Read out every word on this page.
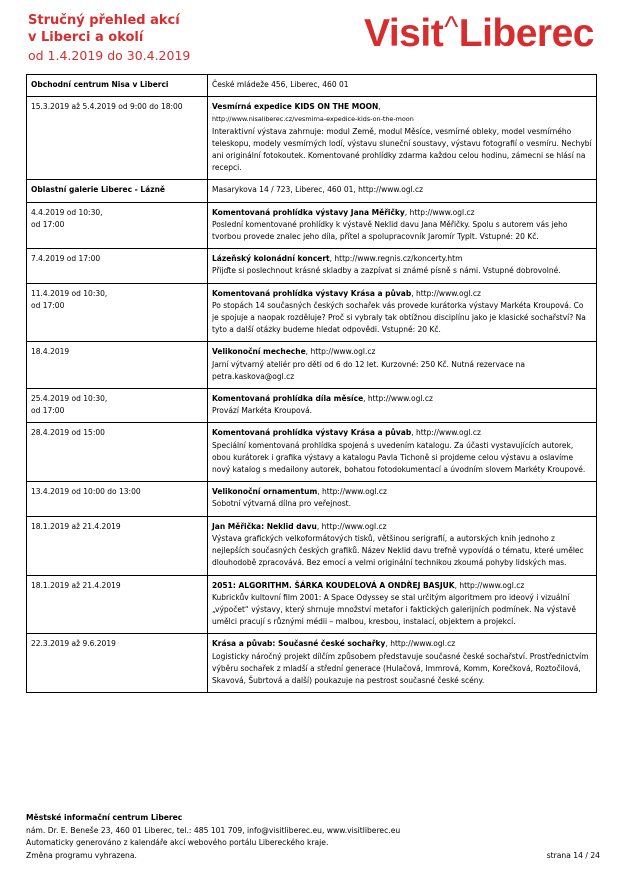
Stručný přehled akcí
v Liberci a okolí
od 1.4.2019 do 30.4.2019
Visit^Liberec
Obchodní centrum Nisa v Liberci	České mládeže 456, Liberec, 460 01
15.3.2019 až 5.4.2019 od 9:00 do 18:00	Vesmírná expedice KIDS ON THE MOON,
http://www.nisaliberec.cz/vesmirna-expedice-kids-on-the-moon
Interaktivní výstava zahrnuje: modul Země, modul Měsíce, vesmírné obleky, model vesmírného teleskopu, modely vesmírných lodí, výstavu sluneční soustavy, výstavu fotografií o vesmíru. Nechybí ani originální fotokoutek. Komentované prohlídky zdarma každou celou hodinu, zámecni se hlásí na recepci.

Oblastní galerie Liberec - Lázně	Masarykova 14 / 723, Liberec, 460 01, http://www.ogl.cz
4.4.2019 od 10:30,
od 17:00	Komentovaná prohlídka výstavy Jana Měřičky, http://www.ogl.cz
Poslední komentované prohlídky k výstavě Neklid davu Jana Měřičky. Spolu s autorem vás jeho tvorbou provede znalec jeho díla, přítel a spolupracovník Jaromír Typlt. Vstupné: 20 Kč.

7.4.2019 od 17:00	Lázeňský kolonádní koncert, http://www.regnis.cz/koncerty.htm
Přijďte si poslechnout krásné skladby a zazpívat si známé písně s námi. Vstupné dobrovolné.

11.4.2019 od 10:30,
od 17:00	Komentovaná prohlídka výstavy Krása a půvab, http://www.ogl.cz
Po stopách 14 současných českých sochařek vás provede kurátorka výstavy Markéta Kroupová. Co je spojuje a naopak rozděluje? Proč si vybraly tak obtížnou disciplínu jako je klasické sochařství? Na tyto a další otázky budeme hledat odpovědi. Vstupné: 20 Kč.

18.4.2019	Velikonoční mecheche, http://www.ogl.cz
Jarní výtvarný ateliér pro děti od 6 do 12 let. Kurzovné: 250 Kč. Nutná rezervace na petra.kaskova@ogl.cz

25.4.2019 od 10:30,
od 17:00	Komentovaná prohlídka díla měsíce, http://www.ogl.cz
Provází Markéta Kroupová.

28.4.2019 od 15:00	Komentovaná prohlídka výstavy Krása a půvab, http://www.ogl.cz
Speciální komentovaná prohlídka spojená s uvedením katalogu. Za účasti vystavujících autorek, obou kurátorek i grafika výstavy a katalogu Pavla Tichoně si projdeme celou výstavu a oslavíme nový katalog s medailony autorek, bohatou fotodokumentací a úvodním slovem Markéty Kroupové.

13.4.2019 od 10:00 do 13:00	Velikonoční ornamentum, http://www.ogl.cz
Sobotní výtvarná dílna pro veřejnost.

18.1.2019 až 21.4.2019	Jan Měřička: Neklid davu, http://www.ogl.cz
Výstava grafických velkoformátových tisků, většinou serigrafií, a autorských knih jednoho z nejlepších současných českých grafiků. Název Neklid davu trefně vypovídá o tématu, které umělec dlouhodobě zpracovává. Bez emocí a velmi originální technikou zkoumá pohyby lidských mas.

18.1.2019 až 21.4.2019	2051: ALGORITHM. ŠÁRKA KOUDELOVÁ A ONDŘEJ BASJUK, http://www.ogl.cz
Kubrickův kultovní film 2001: A Space Odyssey se stal určitým algoritmem pro ideový i vizuální „výpočet“ výstavy, který shrnuje množství metafor i faktických galerijních podmínek. Na výstavě umělci pracují s různými médii – malbou, kresbou, instalací, objektem a projekcí.

22.3.2019 až 9.6.2019	Krása a půvab: Současné české sochařky, http://www.ogl.cz
Logisticky náročný projekt dílčím způsobem představuje současné české sochařství. Prostřednictvím výběru sochařek z mladší a střední generace (Hulačová, Immrová, Komm, Korečková, Roztočilová, Skavová, Šubrtová a další) poukazuje na pestrost současné české scény.
Městské informační centrum Liberec
nám. Dr. E. Beneše 23, 460 01 Liberec, tel.: 485 101 709, info@visitliberec.eu, www.visitliberec.eu
Automaticky generováno z kalendáře akcí webového portálu Libereckého kraje.
Změna programu vyhrazena.	strana 14 / 24
